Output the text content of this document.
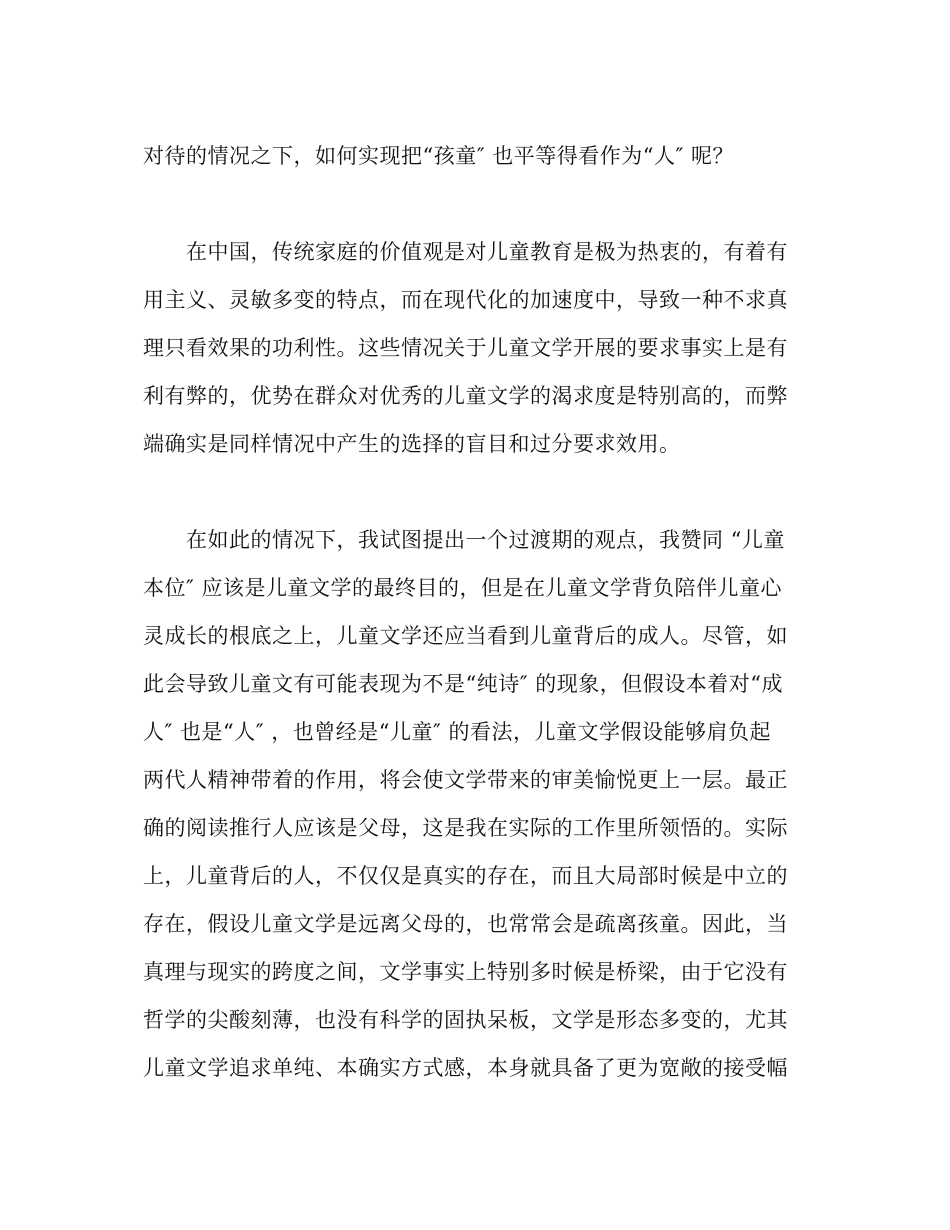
对待的情况之下，如何实现把“孩童″ 也平等得看作为“人″ 呢？
在中国，传统家庭的价值观是对儿童教育是极为热衷的，有着有
用主义、灵敏多变的特点，而在现代化的加速度中，导致一种不求真
理只看效果的功利性。这些情况关于儿童文学开展的要求事实上是有
利有弊的，优势在群众对优秀的儿童文学的渴求度是特别高的，而弊
端确实是同样情况中产生的选择的盲目和过分要求效用。
在如此的情况下，我试图提出一个过渡期的观点，我赞同 “儿童
本位″ 应该是儿童文学的最终目的，但是在儿童文学背负陪伴儿童心
灵成长的根底之上，儿童文学还应当看到儿童背后的成人。尽管，如
此会导致儿童文有可能表现为不是“纯诗″ 的现象，但假设本着对“成
人″ 也是“人″ ，也曾经是“儿童″ 的看法，儿童文学假设能够肩负起
两代人精神带着的作用，将会使文学带来的审美愉悦更上一层。最正
确的阅读推行人应该是父母，这是我在实际的工作里所领悟的。实际
上，儿童背后的人，不仅仅是真实的存在，而且大局部时候是中立的
存在，假设儿童文学是远离父母的，也常常会是疏离孩童。因此，当
真理与现实的跨度之间，文学事实上特别多时候是桥梁，由于它没有
哲学的尖酸刻薄，也没有科学的固执呆板，文学是形态多变的，尤其
儿童文学追求单纯、本确实方式感，本身就具备了更为宽敞的接受幅
